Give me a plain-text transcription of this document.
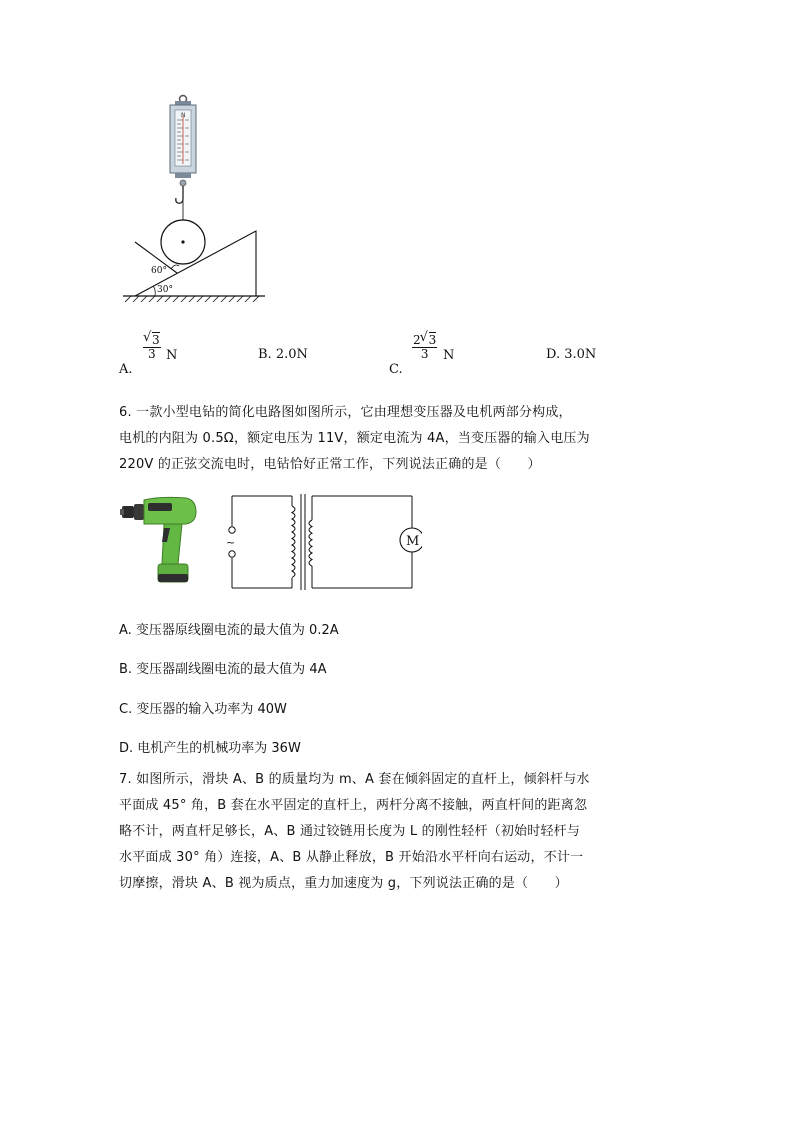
N
60°
30°
A.
√ $\frac{3}{3}$ N	B. 2.0N
C.
$\frac{2√ 3}{3}$ N	D. 3.0N
6. 一款小型电钻的简化电路图如图所示，它由理想变压器及电机两部分构成，
电机的内阻为 0.5Ω，额定电压为 11V，额定电流为 4A，当变压器的输入电压为
220V 的正弦交流电时，电钻恰好正常工作，下列说法正确的是（　　）
~	M
A. 变压器原线圈电流的最大值为 0.2A
B. 变压器副线圈电流的最大值为 4A
C. 变压器的输入功率为 40W
D. 电机产生的机械功率为 36W
7. 如图所示，滑块 A、B 的质量均为 m、A 套在倾斜固定的直杆上，倾斜杆与水
平面成 45° 角，B 套在水平固定的直杆上，两杆分离不接触，两直杆间的距离忽
略不计，两直杆足够长，A、B 通过铰链用长度为 L 的刚性轻杆（初始时轻杆与
水平面成 30° 角）连接，A、B 从静止释放，B 开始沿水平杆向右运动，不计一
切摩擦，滑块 A、B 视为质点，重力加速度为 g，下列说法正确的是（　　）
